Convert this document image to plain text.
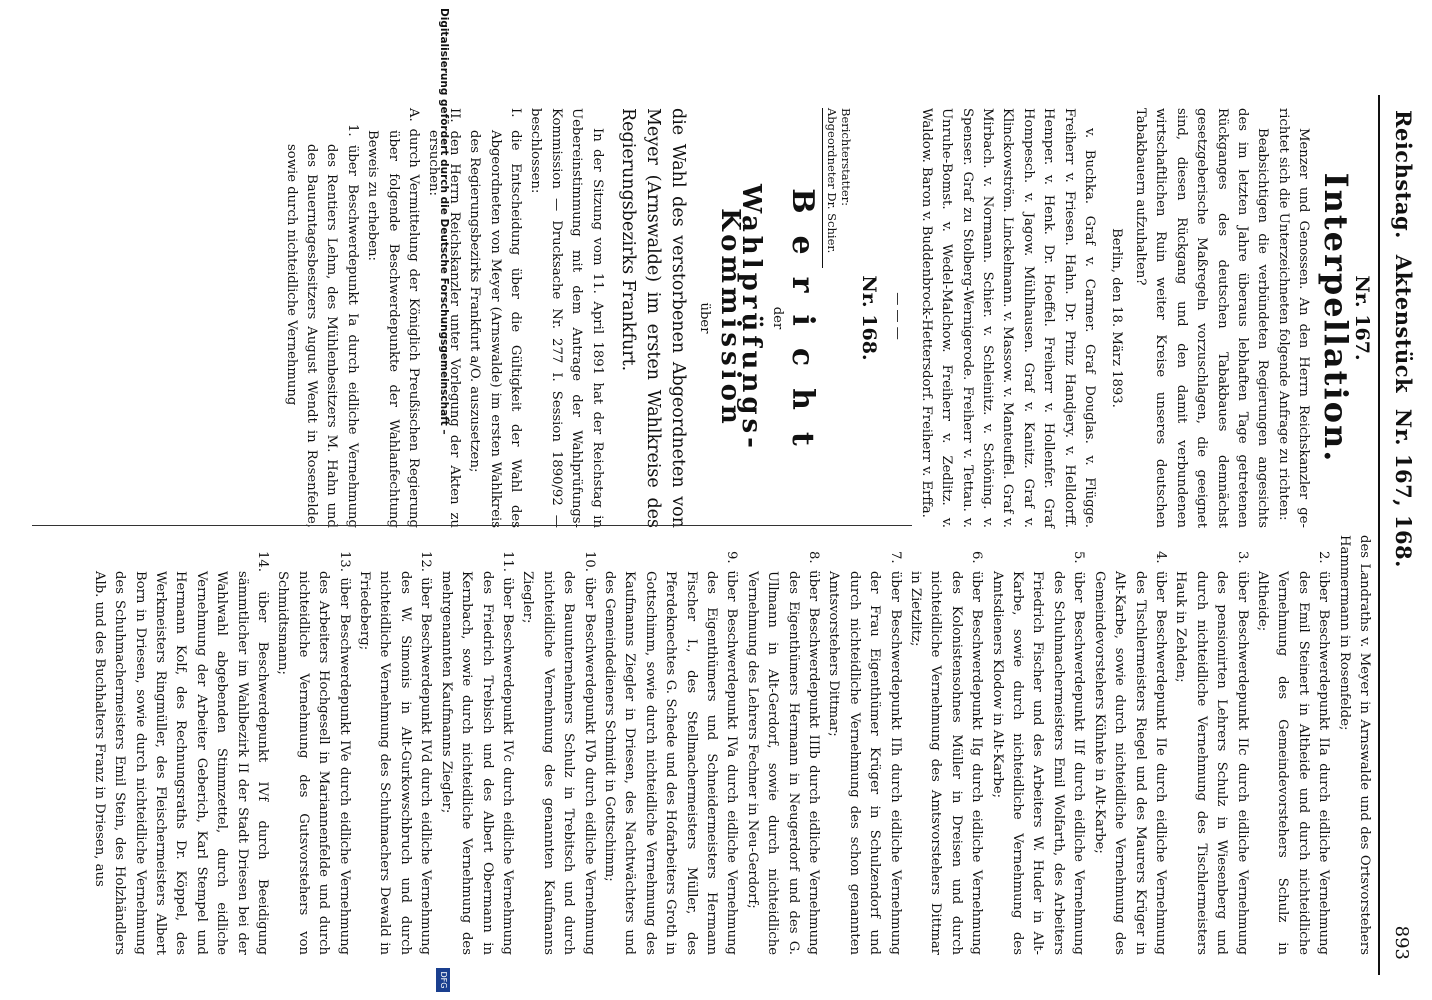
Reichstag. Aktenstück Nr. 167, 168.
893
Nr. 167.
Interpellation.

Menzer und Genossen. An den Herrn Reichskanzler gerichtet sich die Unterzeichneten folgende Anfrage zu richten:

Beabsichtigen die verbündeten Regierungen angesichts des im letzten Jahre überaus lebhaften Tage getretenen Rückganges des deutschen Tabakbaues demnächst gesetzgeberische Maßregeln vorzuschlagen, die geeignet sind, diesen Rückgang und den damit verbundenen wirtschaftlichen Ruin weiter Kreise unseres deutschen Tabakbauern aufzuhalten?

Berlin, den 18. März 1893.

v. Buchka. Graf v. Carmer. Graf Douglas. v. Flügge. Freiherr v. Friesen. Hahn. Dr. Prinz Handjery. v. Helldorff. Hemper. v. Henk. Dr. Hoeffel. Freiherr v. Hollenfer. Graf Hompesch. v. Jagow. Mühlhausen. Graf v. Kanitz. Graf v. Klinckowström. Linckelmann. v. Massow. v. Manteuffel. Graf v. Mirbach. v. Normann. Schier. v. Schleinitz. v. Schöning. v. Spenser. Graf zu Stolberg-Wernigerode. Freiherr v. Tettau. v. Unruhe-Bomst. v. Wedel-Malchow. Freiherr v. Zedlitz. v. Waldow. Baron v. Buddenbrock-Hettersdorf. Freiherr v. Erffa.

———
Nr. 168.
Berichterstatter:
Abgeordneter Dr. Schier.
Bericht
der
Wahlprüfungs-Kommission
über

die Wahl des verstorbenen Abgeordneten von Meyer (Arnswalde) im ersten Wahlkreise des Regierungsbezirks Frankfurt.

In der Sitzung vom 11. April 1891 hat der Reichstag in Uebereinstimmung mit dem Antrage der Wahlprüfungs-Kommission — Drucksache Nr. 277 I. Session 1890/92 — beschlossen:

I. die Entscheidung über die Gültigkeit der Wahl des Abgeordneten von Meyer (Arnswalde) im ersten Wahlkreis des Regierungsbezirks Frankfurt a/O. auszusetzen;

II. den Herrn Reichskanzler unter Vorlegung der Akten zu ersuchen:

A. durch Vermittelung der Königlich Preußischen Regierung über folgende Beschwerdepunkte der Wahlanfechtung Beweis zu erheben:

1. über Beschwerdepunkt Ia durch eidliche Vernehmung des Rentiers Lehm, des Mühlenbesitzers M. Hahn und des Bauerntagesbesitzers August Wendt in Rosenfelde, sowie durch nichteidliche Vernehmung

des Landraths v. Meyer in Arnswalde und des Ortsvorstehers Hammermann in Rosenfelde;

2. über Beschwerdepunkt IIa durch eidliche Vernehmung des Emil Steinert in Altheide und durch nichteidliche Vernehmung des Gemeindevorstehers Schulz in Altheide;

3. über Beschwerdepunkt IIc durch eidliche Vernehmung des pensionirten Lehrers Schulz in Wiesenberg und durch nichteidliche Vernehmung des Tischlermeisters Hauk in Zehden;

4. über Beschwerdepunkt IIe durch eidliche Vernehmung des Tischlermeisters Riegel und des Maurers Krüger in Alt-Karbe, sowie durch nichteidliche Vernehmung des Gemeindevorstehers Kühnke in Alt-Karbe;

5. über Beschwerdepunkt IIf durch eidliche Vernehmung des Schuhmachermeisters Emil Wolfarth, des Arbeiters Friedrich Fischer und des Arbeiters W. Huder in Alt-Karbe, sowie durch nichteidliche Vernehmung des Amtsdieners Klodow in Alt-Karbe;

6. über Beschwerdepunkt IIg durch eidliche Vernehmung des Kolonistensohnes Müller in Dreisen und durch nichteidliche Vernehmung des Amtsvorstehers Dittmar in Zietzlitz;

7. über Beschwerdepunkt IIh durch eidliche Vernehmung der Frau Eigenthümer Krüger in Schulzendorf und durch nichteidliche Vernehmung des schon genannten Amtsvorstehers Dittmar;

8. über Beschwerdepunkt IIIb durch eidliche Vernehmung des Eigenthümers Hermann in Neugerdorf und des G. Ullmann in Alt-Gerdorf, sowie durch nichteidliche Vernehmung des Lehrers Fechner in Neu-Gerdorf;

9. über Beschwerdepunkt IVa durch eidliche Vernehmung des Eigenthümers und Schneidermeisters Hermann Fischer I., des Stellmachermeisters Müller, des Pferdeknechtes G. Schede und des Hofarbeiters Groth in Gottschimm, sowie durch nichteidliche Vernehmung des Kaufmanns Ziegler in Driesen, des Nachtwächters und des Gemeindedieners Schmidt in Gottschimm;

10. über Beschwerdepunkt IVb durch eidliche Vernehmung des Bauunternehmers Schulz in Trebitsch und durch nichteidliche Vernehmung des genannten Kaufmanns Ziegler;

11. über Beschwerdepunkt IVc durch eidliche Vernehmung des Friedrich Trebisch und des Albert Obermann in Kernbach, sowie durch nichteidliche Vernehmung des mehrgenannten Kaufmanns Ziegler;

12. über Beschwerdepunkt IVd durch eidliche Vernehmung des W. Simonis in Alt-Gurkowschbruch und durch nichteidliche Vernehmung des Schuhmachers Dewald in Friedeberg;

13. über Beschwerdepunkt IVe durch eidliche Vernehmung des Arbeiters Hochgesell in Mariannenfelde und durch nichteidliche Vernehmung des Gutsvorstehers von Schmidtsmann;

14. über Beschwerdepunkt IVf durch Beeidigung sämmtlicher im Wahlbezirk II der Stadt Driesen bei der Wahlwahl abgebenden Stimmzettel, durch eidliche Vernehmung der Arbeiter Geberich, Karl Stempel und Hermann Kolf, des Rechnungsraths Dr. Köppel, des Werkmeisters Ringmüller, des Fleischermeisters Albert Born in Driesen, sowie durch nichteidliche Vernehmung des Schuhmachermeisters Emil Stein, des Holzhändlers Alb. und des Buchhalters Franz in Driesen, aus

Digitalisierung gefördert durch die Deutsche Forschungsgemeinschaft –
DFG
